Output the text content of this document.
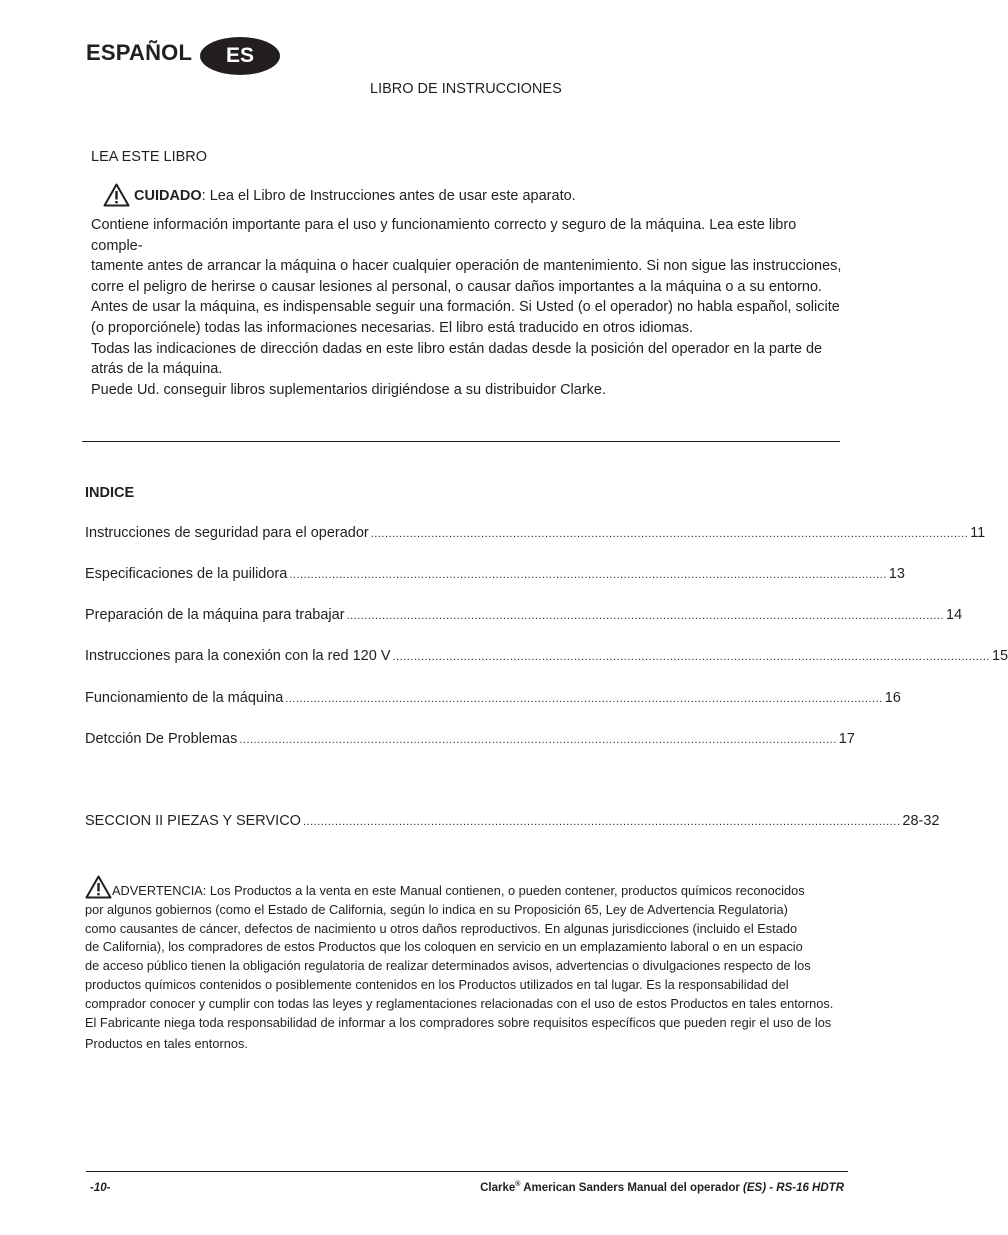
ESPAÑOL ES
LIBRO DE INSTRUCCIONES
LEA ESTE LIBRO
CUIDADO: Lea el Libro de Instrucciones antes de usar este aparato.

Contiene información importante para el uso y funcionamiento correcto y seguro de la máquina. Lea este libro comple-

tamente antes de arrancar la máquina o hacer cualquier operación de mantenimiento. Si non sigue las instrucciones,

corre el peligro de herirse o causar lesiones al personal, o causar daños importantes a la máquina o a su entorno.

Antes de usar la máquina, es indispensable seguir una formación. Si Usted (o el operador) no habla español, solicite

(o proporciónele) todas las informaciones necesarias. El libro está traducido en otros idiomas.

Todas las indicaciones de dirección dadas en este libro están dadas desde la posición del operador en la parte de

atrás de la máquina.

Puede Ud. conseguir libros suplementarios dirigiéndose a su distribuidor Clarke.

INDICE
Instrucciones de seguridad para el operador ........................................................................................................................................................................ 11
Especificaciones de la puilidora ........................................................................................................................................................................ 13
Preparación de la máquina para trabajar ........................................................................................................................................................................ 14
Instrucciones para la conexión con la red 120 V ........................................................................................................................................................................ 15
Funcionamiento de la máquina ........................................................................................................................................................................ 16
Detcción De Problemas ........................................................................................................................................................................ 17
SECCION II PIEZAS Y SERVICO ........................................................................................................................................................................ 28-32

ADVERTENCIA: Los Productos a la venta en este Manual contienen, o pueden contener, productos químicos reconocidos

por algunos gobiernos (como el Estado de California, según lo indica en su Proposición 65, Ley de Advertencia Regulatoria)

como causantes de cáncer, defectos de nacimiento u otros daños reproductivos. En algunas jurisdicciones (incluido el Estado

de California), los compradores de estos Productos que los coloquen en servicio en un emplazamiento laboral o en un espacio

de acceso público tienen la obligación regulatoria de realizar determinados avisos, advertencias o divulgaciones respecto de los

productos químicos contenidos o posiblemente contenidos en los Productos utilizados en tal lugar. Es la responsabilidad del

comprador conocer y cumplir con todas las leyes y reglamentaciones relacionadas con el uso de estos Productos en tales entornos.

El Fabricante niega toda responsabilidad de informar a los compradores sobre requisitos específicos que pueden regir el uso de los

Productos en tales entornos.

-10-	Clarke® American Sanders Manual del operador (ES) - RS-16 HDTR
